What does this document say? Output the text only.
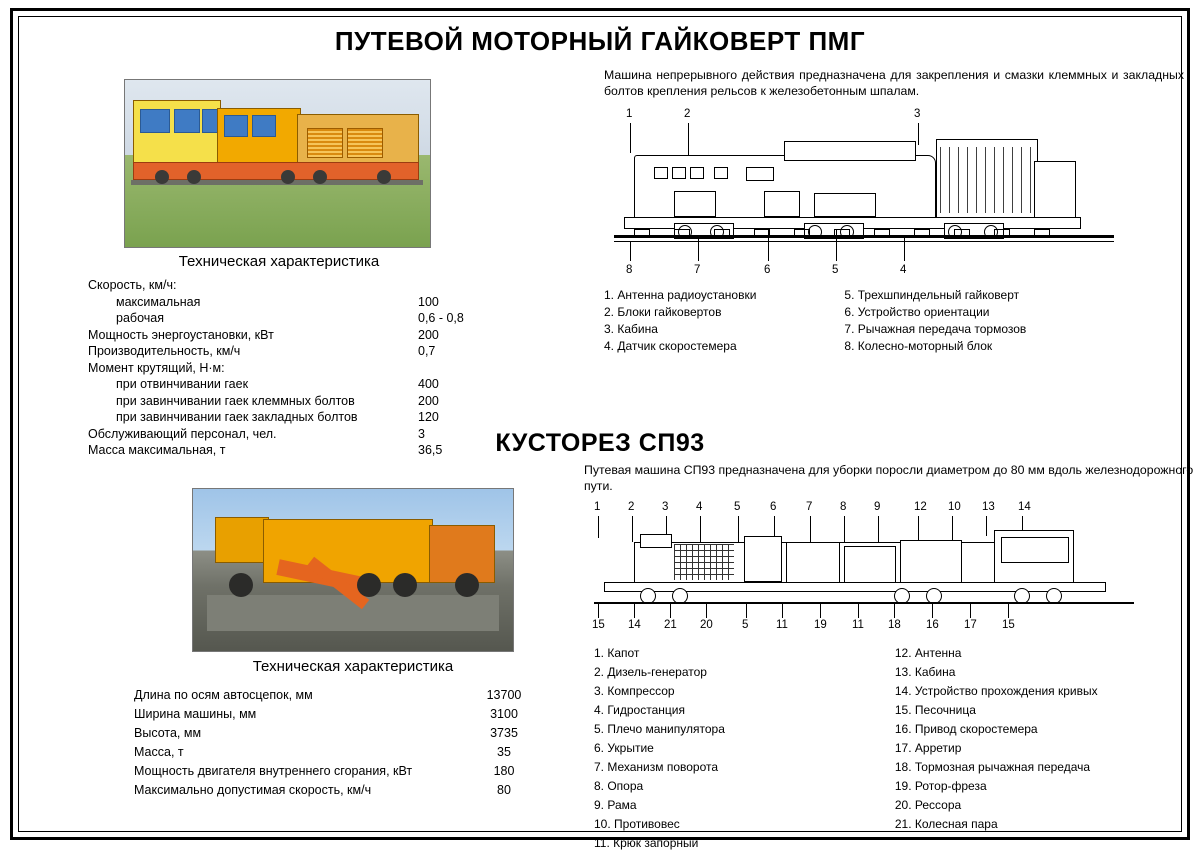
ПУТЕВОЙ МОТОРНЫЙ ГАЙКОВЕРТ ПМГ
Техническая характеристика
Скорость, км/ч:
максимальная	100
рабочая	0,6 - 0,8
Мощность энергоустановки, кВт	200
Производительность, км/ч	0,7
Момент крутящий, Н·м:
при отвинчивании гаек	400
при завинчивании гаек клеммных болтов	200
при завинчивании гаек закладных болтов	120
Обслуживающий персонал, чел.	3
Масса максимальная, т	36,5

Машина непрерывного действия предназначена для закрепления и смазки клеммных и закладных болтов крепления рельсов к железобетонным шпалам.

1	2	3
8	7	6	5	4
1. Антенна радиоустановки
2. Блоки гайковертов
3. Кабина
4. Датчик скоростемера
5. Трехшпиндельный гайковерт
6. Устройство ориентации
7. Рычажная передача тормозов
8. Колесно-моторный блок
КУСТОРЕЗ СП93
Техническая характеристика
Длина по осям автосцепок, мм	13700
Ширина машины, мм	3100
Высота, мм	3735
Масса, т	35
Мощность двигателя внутреннего сгорания, кВт	180
Максимально допустимая скорость, км/ч	80

Путевая машина СП93 предназначена для уборки поросли диаметром до 80 мм вдоль железнодорожного пути.

1 2 3 4	5	6	7 8 9	12 10 13 14
15 14 21 20	5 11 19 11 18 16 17 15
1. Капот
2. Дизель-генератор
3. Компрессор
4. Гидростанция
5. Плечо манипулятора
6. Укрытие
7. Механизм поворота
8. Опора
9. Рама
10. Противовес
11. Крюк запорный
12. Антенна
13. Кабина
14. Устройство прохождения кривых
15. Песочница
16. Привод скоростемера
17. Арретир
18. Тормозная рычажная передача
19. Ротор-фреза
20. Рессора
21. Колесная пара
